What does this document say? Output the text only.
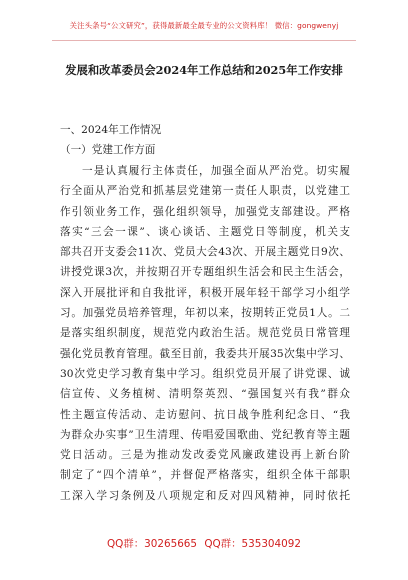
关注头条号“公文研究”，获得最新最全最专业的公文资料库！ 微信：gongwenyj
发展和改革委员会2024年工作总结和2025年工作安排
一、2024年工作情况
（一）党建工作方面
一是认真履行主体责任，加强全面从严治党。切实履
行全面从严治党和抓基层党建第一责任人职责，以党建工
作引领业务工作，强化组织领导，加强党支部建设。严格
落实“三会一课”、谈心谈话、主题党日等制度，机关支
部共召开支委会11次、党员大会43次、开展主题党日9次、
讲授党课3次，并按期召开专题组织生活会和民主生活会，
深入开展批评和自我批评，积极开展年轻干部学习小组学
习。加强党员培养管理，年初以来，按期转正党员1人。二
是落实组织制度，规范党内政治生活。规范党员日常管理
强化党员教育管理。截至目前，我委共开展35次集中学习、
30次党史学习教育集中学习。组织党员开展了讲党课、诚
信宣传、义务植树、清明祭英烈、“强国复兴有我”群众
性主题宣传活动、走访慰问、抗日战争胜利纪念日、“我
为群众办实事”卫生清理、传唱爱国歌曲、党纪教育等主题
党日活动。三是为推动发改委党风廉政建设再上新台阶
制定了“四个清单”，并督促严格落实，组织全体干部职
工深入学习条例及八项规定和反对四风精神，同时依托
QQ群：30265665 QQ群：535304092
